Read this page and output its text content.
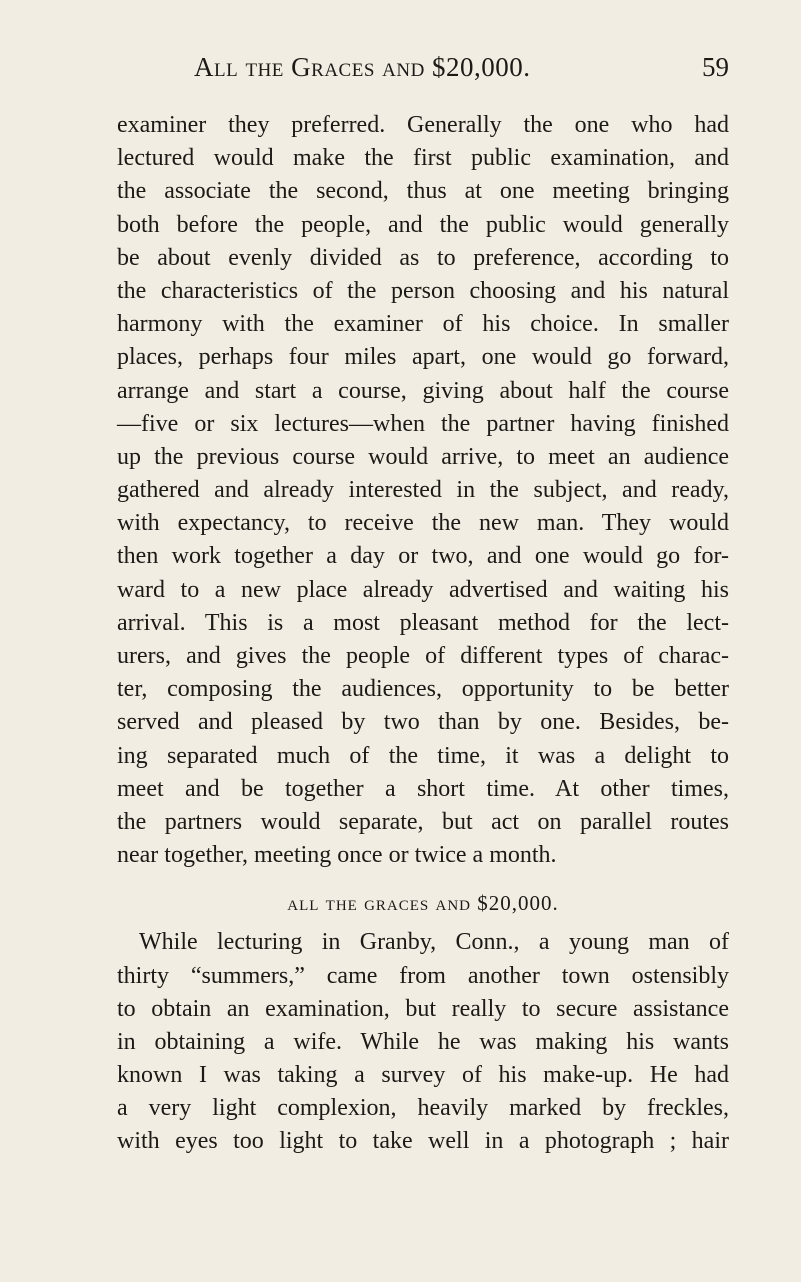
All the Graces and $20,000.	59
examiner they preferred. Generally the one who had
lectured would make the first public examination, and
the associate the second, thus at one meeting bringing
both before the people, and the public would generally
be about evenly divided as to preference, according to
the characteristics of the person choosing and his natural
harmony with the examiner of his choice. In smaller
places, perhaps four miles apart, one would go forward,
arrange and start a course, giving about half the course
—five or six lectures—when the partner having finished
up the previous course would arrive, to meet an audience
gathered and already interested in the subject, and ready,
with expectancy, to receive the new man. They would
then work together a day or two, and one would go for-
ward to a new place already advertised and waiting his
arrival. This is a most pleasant method for the lect-
urers, and gives the people of different types of charac-
ter, composing the audiences, opportunity to be better
served and pleased by two than by one. Besides, be-
ing separated much of the time, it was a delight to
meet and be together a short time. At other times,
the partners would separate, but act on parallel routes
near together, meeting once or twice a month.
all the graces and $20,000.
While lecturing in Granby, Conn., a young man of
thirty “summers,” came from another town ostensibly
to obtain an examination, but really to secure assistance
in obtaining a wife. While he was making his wants
known I was taking a survey of his make-up. He had
a very light complexion, heavily marked by freckles,
with eyes too light to take well in a photograph ; hair
